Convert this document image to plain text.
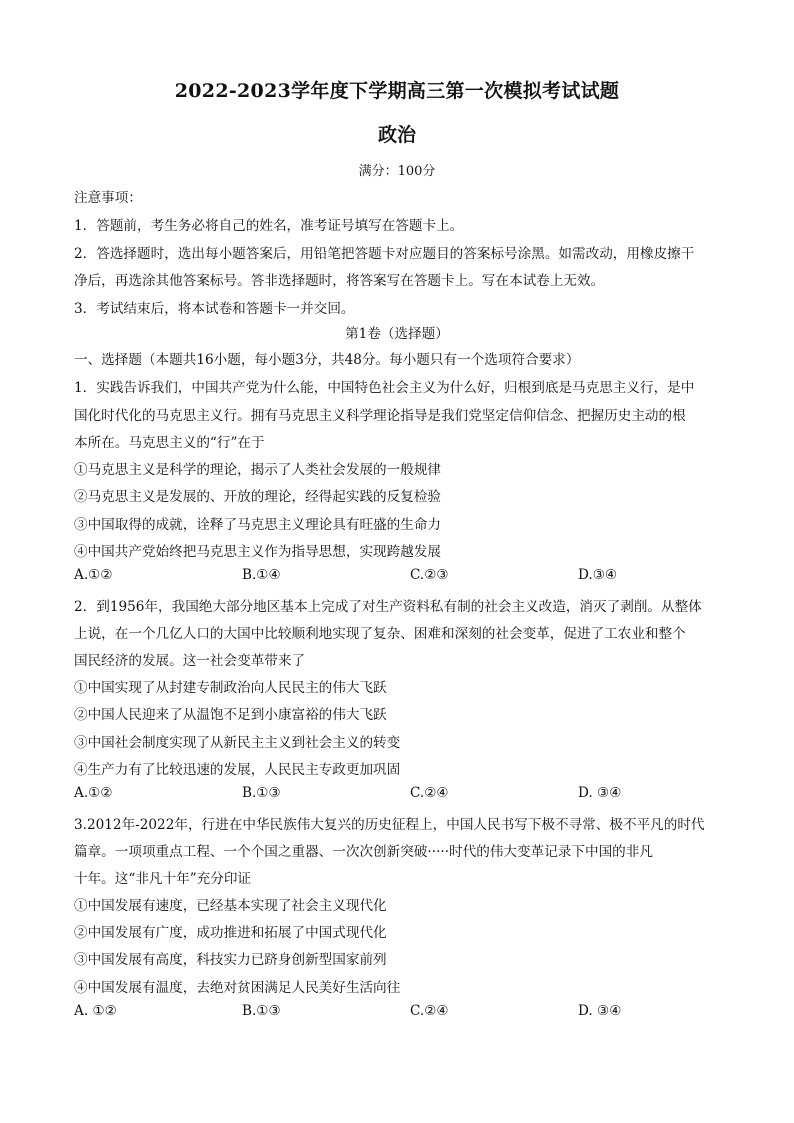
2022-2023学年度下学期高三第一次模拟考试试题
政治
满分：100分
注意事项：
1．答题前，考生务必将自己的姓名，准考证号填写在答题卡上。
2．答选择题时，选出每小题答案后，用铅笔把答题卡对应题目的答案标号涂黑。如需改动，用橡皮擦干
净后，再选涂其他答案标号。答非选择题时，将答案写在答题卡上。写在本试卷上无效。
3．考试结束后，将本试卷和答题卡一并交回。
第1卷（选择题）
一、选择题（本题共16小题，每小题3分，共48分。每小题只有一个选项符合要求）
1．实践告诉我们，中国共产党为什么能，中国特色社会主义为什么好，归根到底是马克思主义行，是中
国化时代化的马克思主义行。拥有马克思主义科学理论指导是我们党坚定信仰信念、把握历史主动的根
本所在。马克思主义的“行”在于
①马克思主义是科学的理论，揭示了人类社会发展的一般规律
②马克思主义是发展的、开放的理论，经得起实践的反复检验
③中国取得的成就，诠释了马克思主义理论具有旺盛的生命力
④中国共产党始终把马克思主义作为指导思想，实现跨越发展
A.①②	B.①④	C.②③	D.③④
2．到1956年，我国绝大部分地区基本上完成了对生产资料私有制的社会主义改造，消灭了剥削。从整体
上说，在一个几亿人口的大国中比较顺利地实现了复杂、困难和深刻的社会变革，促进了工农业和整个
国民经济的发展。这一社会变革带来了
①中国实现了从封建专制政治向人民民主的伟大飞跃
②中国人民迎来了从温饱不足到小康富裕的伟大飞跃
③中国社会制度实现了从新民主主义到社会主义的转变
④生产力有了比较迅速的发展，人民民主专政更加巩固
A.①②	B.①③	C.②④	D. ③④
3.2012年-2022年，行进在中华民族伟大复兴的历史征程上，中国人民书写下极不寻常、极不平凡的时代
篇章。一项项重点工程、一个个国之重器、一次次创新突破·····时代的伟大变革记录下中国的非凡
十年。这“非凡十年”充分印证
①中国发展有速度，已经基本实现了社会主义现代化
②中国发展有广度，成功推进和拓展了中国式现代化
③中国发展有高度，科技实力已跻身创新型国家前列
④中国发展有温度，去绝对贫困满足人民美好生活向往
A. ①②	B.①③	C.②④	D. ③④
